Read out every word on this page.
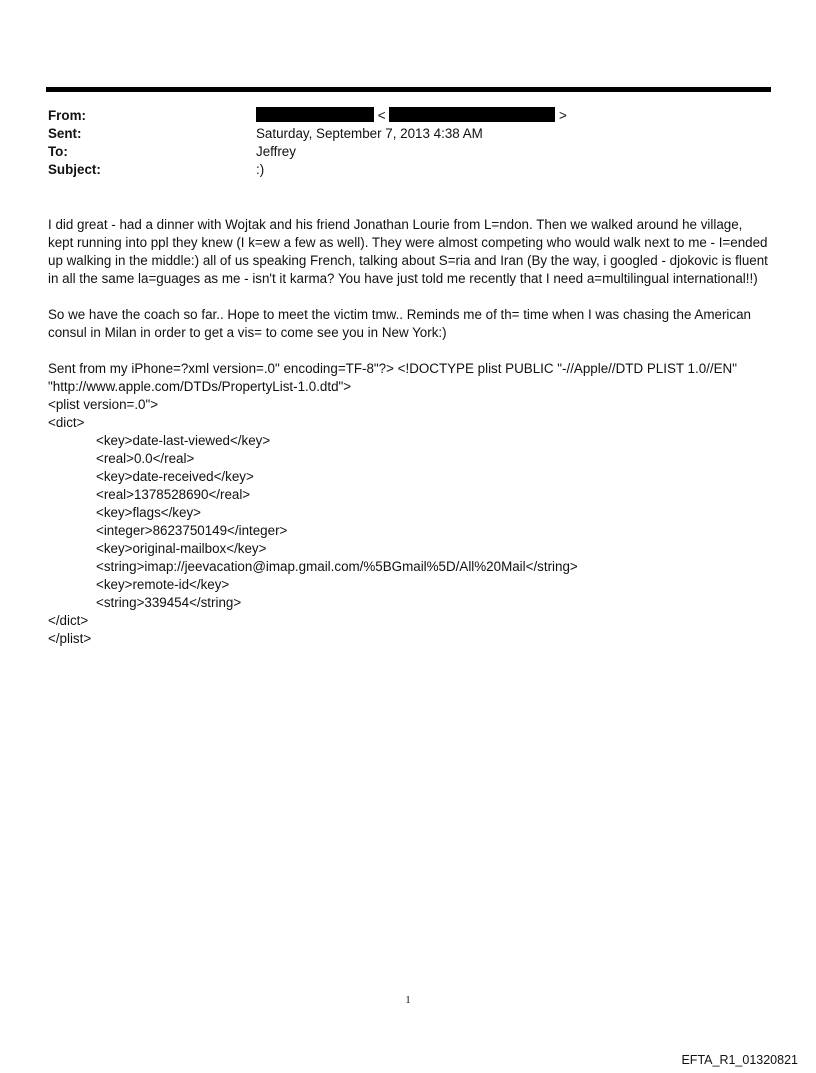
From:	<	>
Sent:	Saturday, September 7, 2013 4:38 AM
To:	Jeffrey
Subject:	:)

I did great - had a dinner with Wojtak and his friend Jonathan Lourie from L=ndon. Then we walked around he village, kept running into ppl they knew (I k=ew a few as well). They were almost competing who would walk next to me - I=ended up walking in the middle:) all of us speaking French, talking about S=ria and Iran (By the way, i googled - djokovic is fluent in all the same la=guages as me - isn't it karma? You have just told me recently that I need a=multilingual international!!)

So we have the coach so far.. Hope to meet the victim tmw.. Reminds me of th= time when I was chasing the American consul in Milan in order to get a vis= to come see you in New York:)

Sent from my iPhone=?xml version=.0" encoding=TF-8"?> <!DOCTYPE plist PUBLIC "-//Apple//DTD PLIST 1.0//EN"
"http://www.apple.com/DTDs/PropertyList-1.0.dtd">
<plist version=.0">
<dict>
<key>date-last-viewed</key>
<real>0.0</real>
<key>date-received</key>
<real>1378528690</real>
<key>flags</key>
<integer>8623750149</integer>
<key>original-mailbox</key>
<string>imap://jeevacation@imap.gmail.com/%5BGmail%5D/All%20Mail</string>
<key>remote-id</key>
<string>339454</string>
</dict>
</plist>
1
EFTA_R1_01320821
